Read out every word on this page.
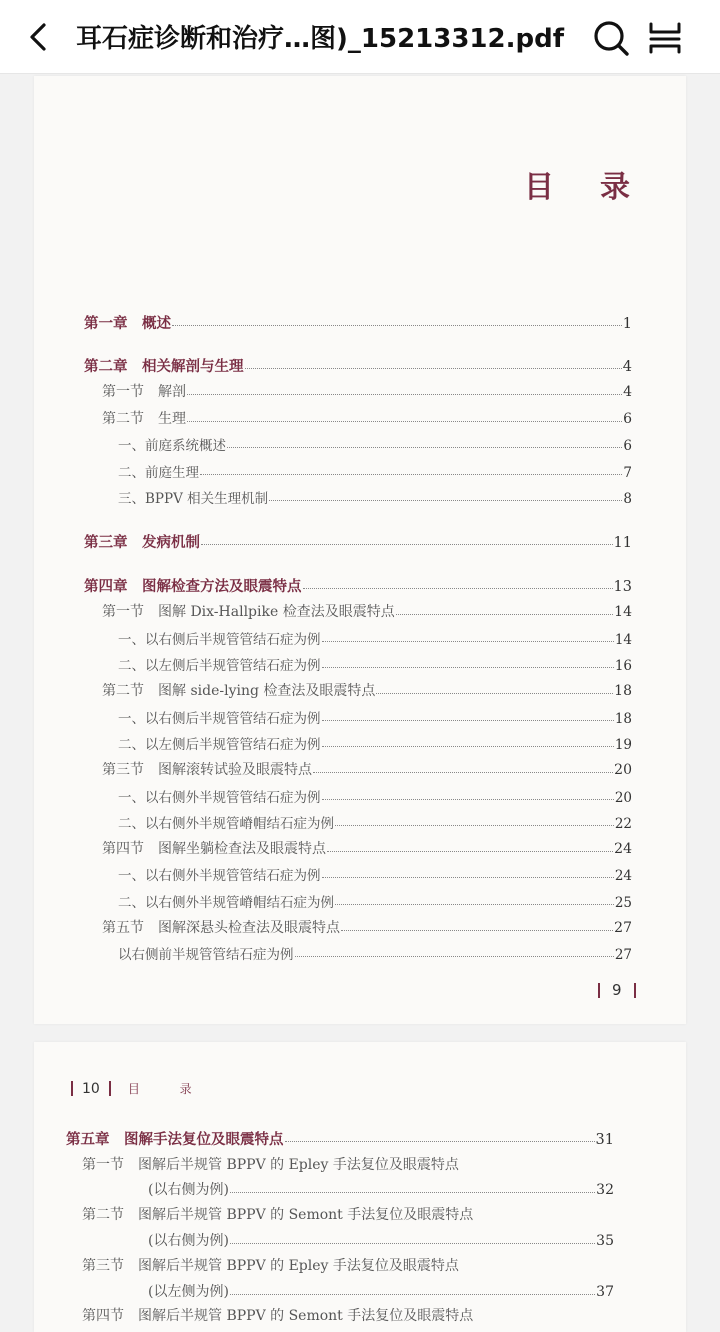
耳石症诊断和治疗…图)_15213312.pdf
目 录
第一章　概述	1
第二章　相关解剖与生理	4
第一节　解剖	4
第二节　生理	6
一、前庭系统概述	6
二、前庭生理	7
三、BPPV 相关生理机制	8
第三章　发病机制	11
第四章　图解检查方法及眼震特点	13
第一节　图解 Dix-Hallpike 检查法及眼震特点	14
一、以右侧后半规管管结石症为例	14
二、以左侧后半规管管结石症为例	16
第二节　图解 side-lying 检查法及眼震特点	18
一、以右侧后半规管管结石症为例	18
二、以左侧后半规管管结石症为例	19
第三节　图解滚转试验及眼震特点	20
一、以右侧外半规管管结石症为例	20
二、以右侧外半规管嵴帽结石症为例	22
第四节　图解坐躺检查法及眼震特点	24
一、以右侧外半规管管结石症为例	24
二、以右侧外半规管嵴帽结石症为例	25
第五节　图解深悬头检查法及眼震特点	27
以右侧前半规管管结石症为例	27
9
10 目 录
第五章　图解手法复位及眼震特点	31
第一节　图解后半规管 BPPV 的 Epley 手法复位及眼震特点
(以右侧为例)	32
第二节　图解后半规管 BPPV 的 Semont 手法复位及眼震特点
(以右侧为例)	35
第三节　图解后半规管 BPPV 的 Epley 手法复位及眼震特点
(以左侧为例)	37
第四节　图解后半规管 BPPV 的 Semont 手法复位及眼震特点
